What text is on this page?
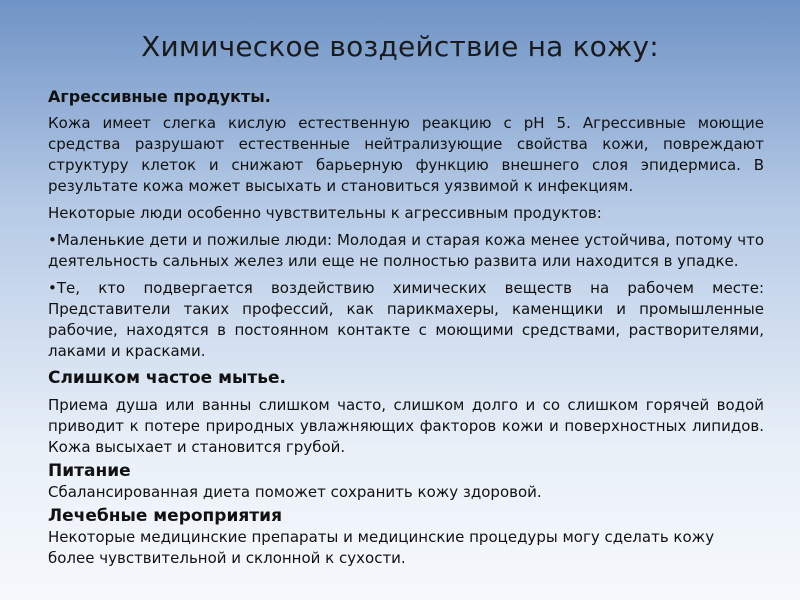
Химическое воздействие на кожу:
Агрессивные продукты.

Кожа имеет слегка кислую естественную реакцию с рН 5. Агрессивные моющие средства разрушают естественные нейтрализующие свойства кожи, повреждают структуру клеток и снижают барьерную функцию внешнего слоя эпидермиса. В результате кожа может высыхать и становиться уязвимой к инфекциям.

Некоторые люди особенно чувствительны к агрессивным продуктов:

•Маленькие дети и пожилые люди: Молодая и старая кожа менее устойчива, потому что деятельность сальных желез или еще не полностью развита или находится в упадке.

•Те, кто подвергается воздействию химических веществ на рабочем месте: Представители таких профессий, как парикмахеры, каменщики и промышленные рабочие, находятся в постоянном контакте с моющими средствами, растворителями, лаками и красками.

Слишком частое мытье.

Приема душа или ванны слишком часто, слишком долго и со слишком горячей водой приводит к потере природных увлажняющих факторов кожи и поверхностных липидов. Кожа высыхает и становится грубой.

Питание

Сбалансированная диета поможет сохранить кожу здоровой.

Лечебные мероприятия

Некоторые медицинские препараты и медицинские процедуры могу сделать кожу более чувствительной и склонной к сухости.
